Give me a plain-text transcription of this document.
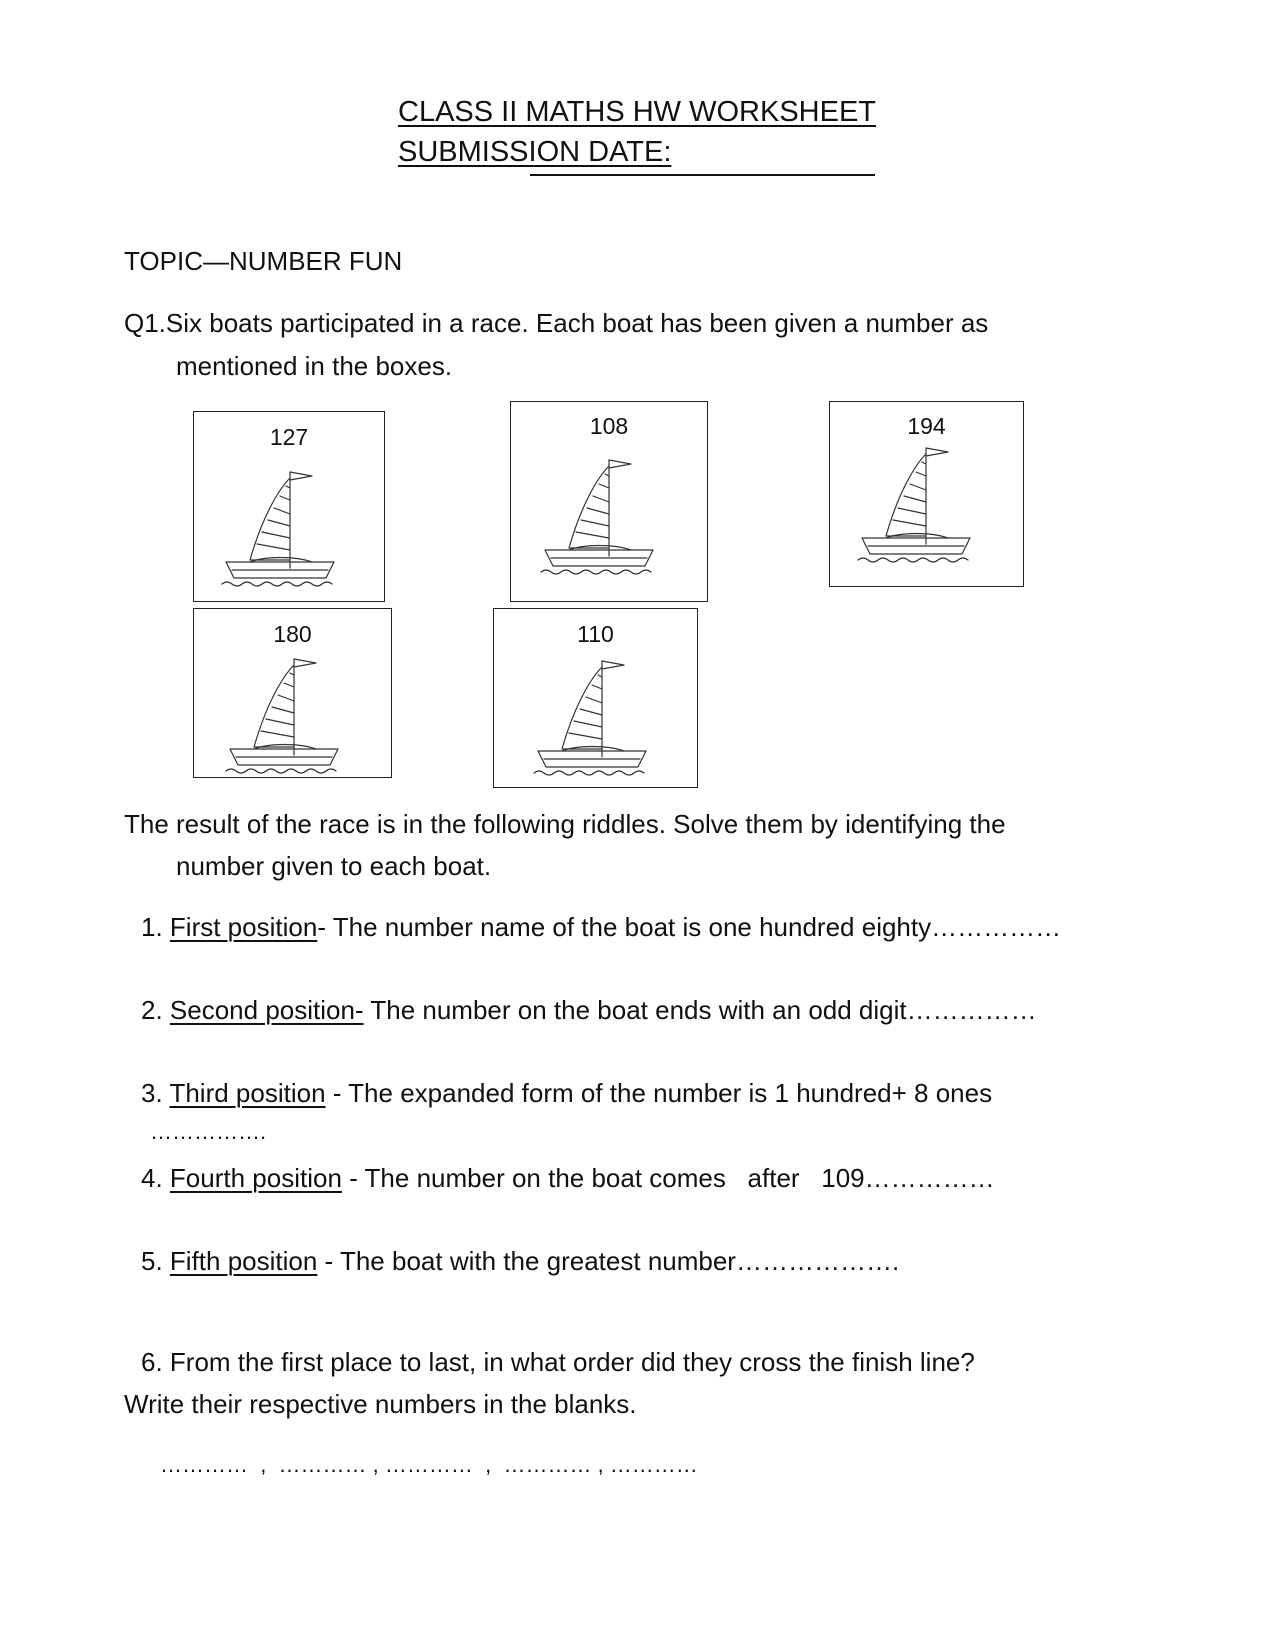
CLASS II MATHS HW WORKSHEET
SUBMISSION DATE:
TOPIC—NUMBER FUN
Q1.Six boats participated in a race. Each boat has been given a number as
mentioned in the boxes.
127	108	194
180	110
The result of the race is in the following riddles. Solve them by identifying the
number given to each boat.
1. First position- The number name of the boat is one hundred eighty……………
2. Second position- The number on the boat ends with an odd digit……………
3. Third position - The expanded form of the number is 1 hundred+ 8 ones
…………….
4. Fourth position - The number on the boat comes   after   109……………
5. Fifth position - The boat with the greatest number……………….
6. From the first place to last, in what order did they cross the finish line?
Write their respective numbers in the blanks.
…………  ,  ………… , …………  ,  ………… , …………
